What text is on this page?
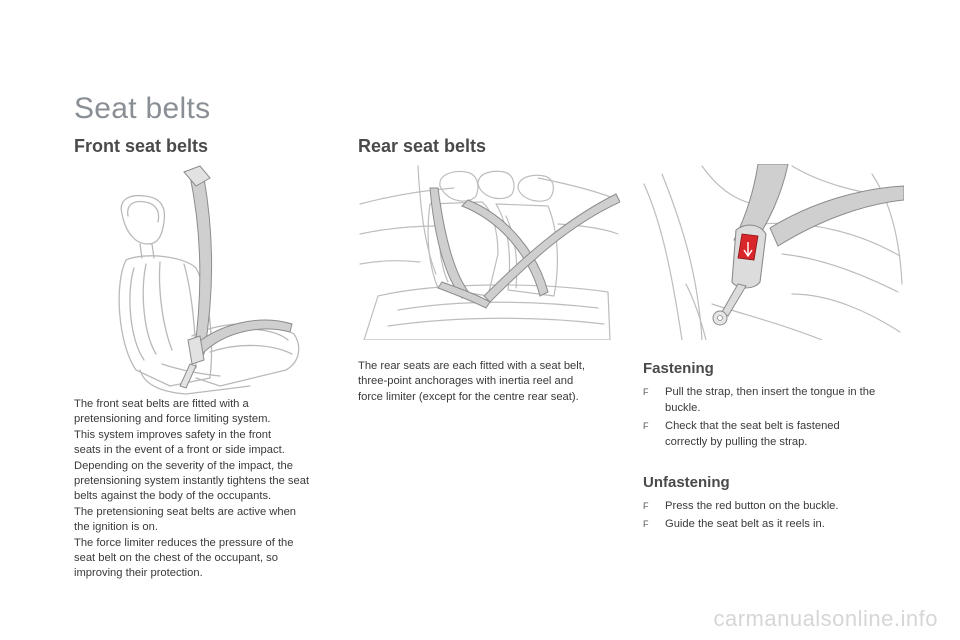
Seat belts
Front seat belts
The front seat belts are fitted with a
pretensioning and force limiting system.
This system improves safety in the front
seats in the event of a front or side impact.
Depending on the severity of the impact, the
pretensioning system instantly tightens the seat
belts against the body of the occupants.
The pretensioning seat belts are active when
the ignition is on.
The force limiter reduces the pressure of the
seat belt on the chest of the occupant, so
improving their protection.
Rear seat belts
The rear seats are each fitted with a seat belt,
three-point anchorages with inertia reel and
force limiter (except for the centre rear seat).
Fastening
F Pull the strap, then insert the tongue in the
buckle.
F Check that the seat belt is fastened
correctly by pulling the strap.
Unfastening
F Press the red button on the buckle.
F Guide the seat belt as it reels in.
carmanualsonline.info
